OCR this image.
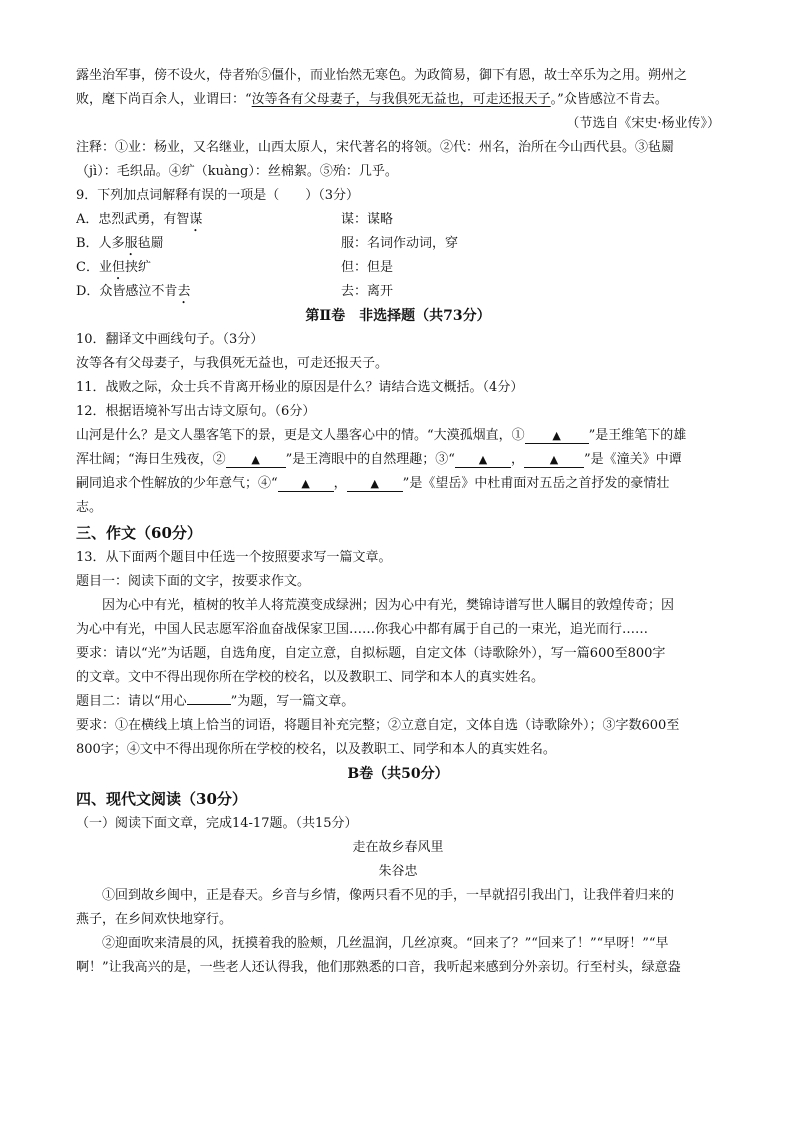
露坐治军事，傍不设火，侍者殆⑤僵仆，而业怡然无寒色。为政简易，御下有恩，故士卒乐为之用。朔州之
败，麾下尚百余人，业谓曰：“汝等各有父母妻子，与我俱死无益也，可走还报天子。”众皆感泣不肯去。
（节选自《宋史·杨业传》）
注释：①业：杨业，又名继业，山西太原人，宋代著名的将领。②代：州名，治所在今山西代县。③毡罽
（jì）：毛织品。④纩（kuàng）：丝棉絮。⑤殆：几乎。
9．下列加点词解释有误的一项是（　　）（3分）
A．忠烈武勇，有智谋	谋：谋略
B．人多服毡罽	服：名词作动词，穿
C．业但挟纩	但：但是
D．众皆感泣不肯去	去：离开
第Ⅱ卷　非选择题（共73分）
10．翻译文中画线句子。（3分）
汝等各有父母妻子，与我俱死无益也，可走还报天子。
11．战败之际，众士兵不肯离开杨业的原因是什么？请结合选文概括。（4分）
12．根据语境补写出古诗文原句。（6分）
山河是什么？是文人墨客笔下的景，更是文人墨客心中的情。“大漠孤烟直，①	▲ ”是王维笔下的雄
浑壮阔；“海日生残夜，② ▲ ”是王湾眼中的自然理趣；③“ ▲ ， ▲ ”是《潼关》中谭
嗣同追求个性解放的少年意气；④“ ▲ ， ▲ ”是《望岳》中杜甫面对五岳之首抒发的豪情壮
志。
三、作文（60分）
13．从下面两个题目中任选一个按照要求写一篇文章。
题目一：阅读下面的文字，按要求作文。
因为心中有光，植树的牧羊人将荒漠变成绿洲；因为心中有光，樊锦诗谱写世人瞩目的敦煌传奇；因
为心中有光，中国人民志愿军浴血奋战保家卫国……你我心中都有属于自己的一束光，追光而行……
要求：请以“光”为话题，自选角度，自定立意，自拟标题，自定文体（诗歌除外），写一篇600至800字
的文章。文中不得出现你所在学校的校名，以及教职工、同学和本人的真实姓名。
题目二：请以“用心	”为题，写一篇文章。
要求：①在横线上填上恰当的词语，将题目补充完整；②立意自定，文体自选（诗歌除外）；③字数600至
800字；④文中不得出现你所在学校的校名，以及教职工、同学和本人的真实姓名。
B卷（共50分）
四、现代文阅读（30分）
（一）阅读下面文章，完成14-17题。（共15分）
走在故乡春风里
朱谷忠
①回到故乡闽中，正是春天。乡音与乡情，像两只看不见的手，一早就招引我出门，让我伴着归来的
燕子，在乡间欢快地穿行。
②迎面吹来清晨的风，抚摸着我的脸颊，几丝温润，几丝凉爽。“回来了？”“回来了！”“早呀！”“早
啊！”让我高兴的是，一些老人还认得我，他们那熟悉的口音，我听起来感到分外亲切。行至村头，绿意盎
